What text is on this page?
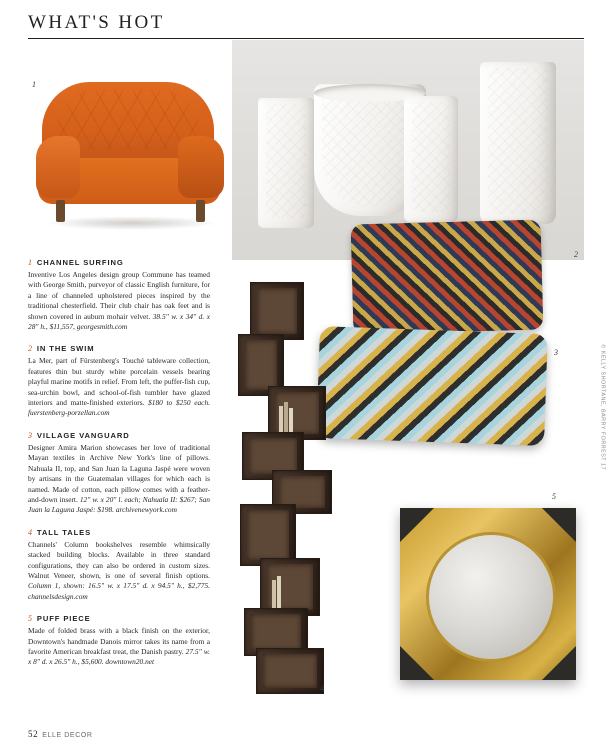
WHAT'S HOT
1
2
3
4
5
1 CHANNEL SURFING
Inventive Los Angeles design group Commune has teamed with George Smith, purveyor of classic English furniture, for a line of channeled upholstered pieces inspired by the traditional chesterfield. Their club chair has oak feet and is shown covered in auburn mohair velvet. 38.5" w. x 34" d. x 28" h., $11,557, georgesmith.com
2 IN THE SWIM
La Mer, part of Fürstenberg's Touché tableware collection, features thin but sturdy white porcelain vessels bearing playful marine motifs in relief. From left, the puffer-fish cup, sea-urchin bowl, and school-of-fish tumbler have glazed interiors and matte-finished exteriors. $180 to $250 each. fuerstenberg-porzellan.com
3 VILLAGE VANGUARD
Designer Amira Marion showcases her love of traditional Mayan textiles in Archive New York's line of pillows. Nahuala II, top, and San Juan la Laguna Jaspé were woven by artisans in the Guatemalan villages for which each is named. Made of cotton, each pillow comes with a feather-and-down insert. 12" w. x 20" l. each; Nahuala II: $267; San Juan la Laguna Jaspé: $198. archivenewyork.com
4 TALL TALES
Channels' Column bookshelves resemble whimsically stacked building blocks. Available in three standard configurations, they can also be ordered in custom sizes. Walnut Veneer, shown, is one of several finish options. Column 1, shown: 16.5" w. x 17.5" d. x 94.5" h., $2,775. channelsdesign.com
5 PUFF PIECE
Made of folded brass with a black finish on the exterior, Downtown's handmade Danois mirror takes its name from a favorite American breakfast treat, the Danish pastry. 27.5" w. x 8" d. x 26.5" h., $5,600. downtown20.net
52 ELLE DECOR
© KELLY SHORTANE, BARRY FORREST 17
